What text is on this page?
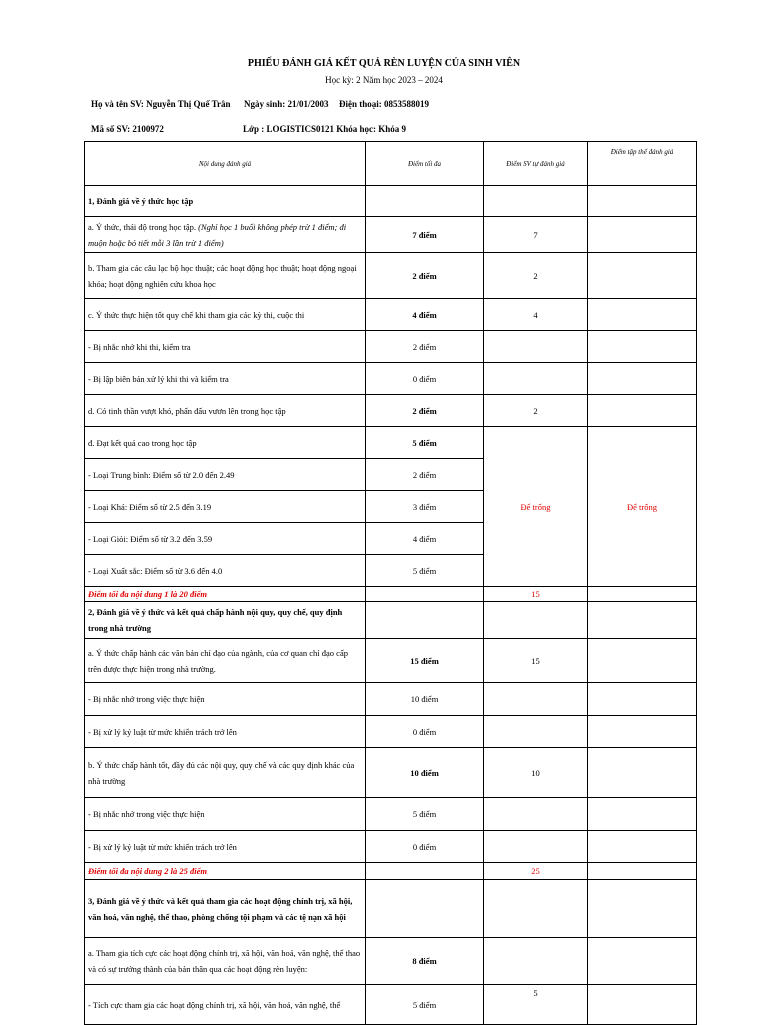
PHIẾU ĐÁNH GIÁ KẾT QUẢ RÈN LUYỆN CỦA SINH VIÊN
Học kỳ: 2 Năm học 2023 – 2024
Họ và tên SV: Nguyễn Thị Quế Trân Ngày sinh: 21/01/2003 Điện thoại: 0853588019
Mã số SV: 2100972	Lớp : LOGISTICS0121 Khóa học: Khóa 9
Nội dung đánh giá	Điểm tối đa	Điểm SV tự đánh giá	Điểm tập thể đánh giá
1, Đánh giá về ý thức học tập			

a. Ý thức, thái độ trong học tập. (Nghỉ học 1 buổi không phép trừ 1 điểm; đi muộn hoặc bỏ tiết mỗi 3 lần trừ 1 điểm)	7 điểm	7	

b. Tham gia các câu lạc bộ học thuật; các hoạt động học thuật; hoạt động ngoại khóa; hoạt động nghiên cứu khoa học	2 điểm	2	
c. Ý thức thực hiện tốt quy chế khi tham gia các kỳ thi, cuộc thi	4 điểm	4	
- Bị nhắc nhở khi thi, kiểm tra	2 điểm		
- Bị lập biên bản xử lý khi thi và kiểm tra	0 điểm		
d. Có tinh thần vượt khó, phấn đấu vươn lên trong học tập	2 điểm	2	
đ. Đạt kết quả cao trong học tập	5 điểm	Để trống	Để trống
- Loại Trung bình: Điểm số từ 2.0 đến 2.49	2 điểm		
- Loại Khá: Điểm số từ 2.5 đến 3.19	3 điểm		
- Loại Giỏi: Điểm số từ 3.2 đến 3.59	4 điểm		
- Loại Xuất sắc: Điểm số từ 3.6 đến 4.0	5 điểm		
Điểm tối đa nội dung 1 là 20 điểm		15	

2, Đánh giá về ý thức và kết quả chấp hành nội quy, quy chế, quy định trong nhà trường			

a. Ý thức chấp hành các văn bản chỉ đạo của ngành, của cơ quan chỉ đạo cấp trên được thực hiện trong nhà trường.	15 điểm	15	
- Bị nhắc nhở trong việc thực hiện	10 điểm		
- Bị xử lý kỷ luật từ mức khiển trách trở lên	0 điểm		

b. Ý thức chấp hành tốt, đầy đủ các nội quy, quy chế và các quy định khác của nhà trường	10 điểm	10	
- Bị nhắc nhở trong việc thực hiện	5 điểm		
- Bị xử lý kỷ luật từ mức khiển trách trở lên	0 điểm		
Điểm tối đa nội dung 2 là 25 điểm		25	

3, Đánh giá về ý thức và kết quả tham gia các hoạt động chính trị, xã hội, văn hoá, văn nghệ, thể thao, phòng chống tội phạm và các tệ nạn xã hội			

a. Tham gia tích cực các hoạt động chính trị, xã hội, văn hoá, văn nghệ, thể thao và có sự trưởng thành của bản thân qua các hoạt động rèn luyện:	8 điểm		
- Tích cực tham gia các hoạt động chính trị, xã hội, văn hoá, văn nghệ, thể	5 điểm	5	
